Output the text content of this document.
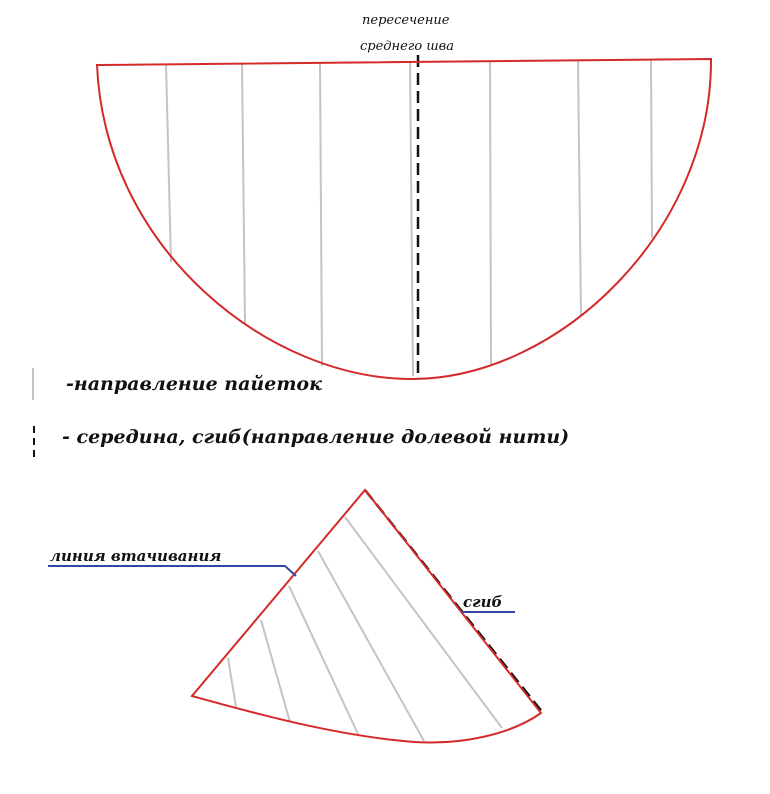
пересечение
среднего шва
-направление пайеток
- середина, сгиб(направление долевой нити)
линия втачивания
сгиб
